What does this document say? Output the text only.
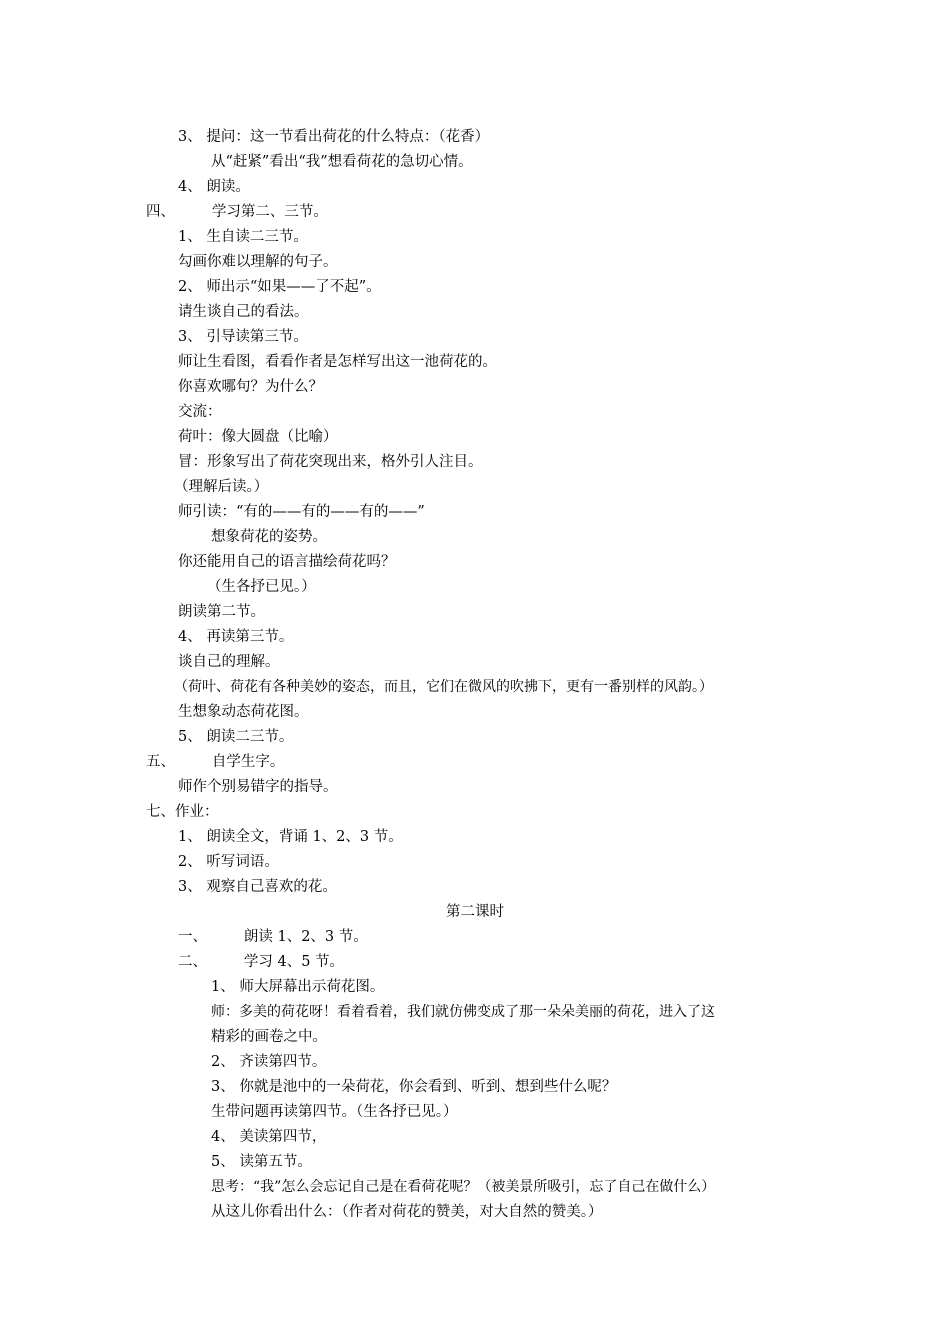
3、 提问：这一节看出荷花的什么特点：（花香）
从“赶紧”看出“我”想看荷花的急切心情。
4、 朗读。
四、        学习第二、三节。
1、 生自读二三节。
勾画你难以理解的句子。
2、 师出示“如果——了不起”。
请生谈自己的看法。
3、 引导读第三节。
师让生看图，看看作者是怎样写出这一池荷花的。
你喜欢哪句？为什么？
交流：
荷叶：像大圆盘（比喻）
冒：形象写出了荷花突现出来，格外引人注目。
（理解后读。）
师引读：“有的——有的——有的——”
想象荷花的姿势。
你还能用自己的语言描绘荷花吗？
（生各抒已见。）
朗读第二节。
4、 再读第三节。
谈自己的理解。
（荷叶、荷花有各种美妙的姿态，而且，它们在微风的吹拂下，更有一番别样的风韵。）
生想象动态荷花图。
5、 朗读二三节。
五、        自学生字。
师作个别易错字的指导。
七、作业：
1、 朗读全文，背诵 1、2、3 节。
2、 听写词语。
3、 观察自己喜欢的花。
第二课时
一、        朗读 1、2、3 节。
二、        学习 4、5 节。
1、 师大屏幕出示荷花图。
师：多美的荷花呀！看着看着，我们就仿佛变成了那一朵朵美丽的荷花，进入了这
精彩的画卷之中。
2、 齐读第四节。
3、 你就是池中的一朵荷花，你会看到、听到、想到些什么呢？
生带问题再读第四节。（生各抒已见。）
4、 美读第四节，
5、 读第五节。
思考：“我”怎么会忘记自己是在看荷花呢？（被美景所吸引，忘了自己在做什么）
从这儿你看出什么：（作者对荷花的赞美，对大自然的赞美。）
